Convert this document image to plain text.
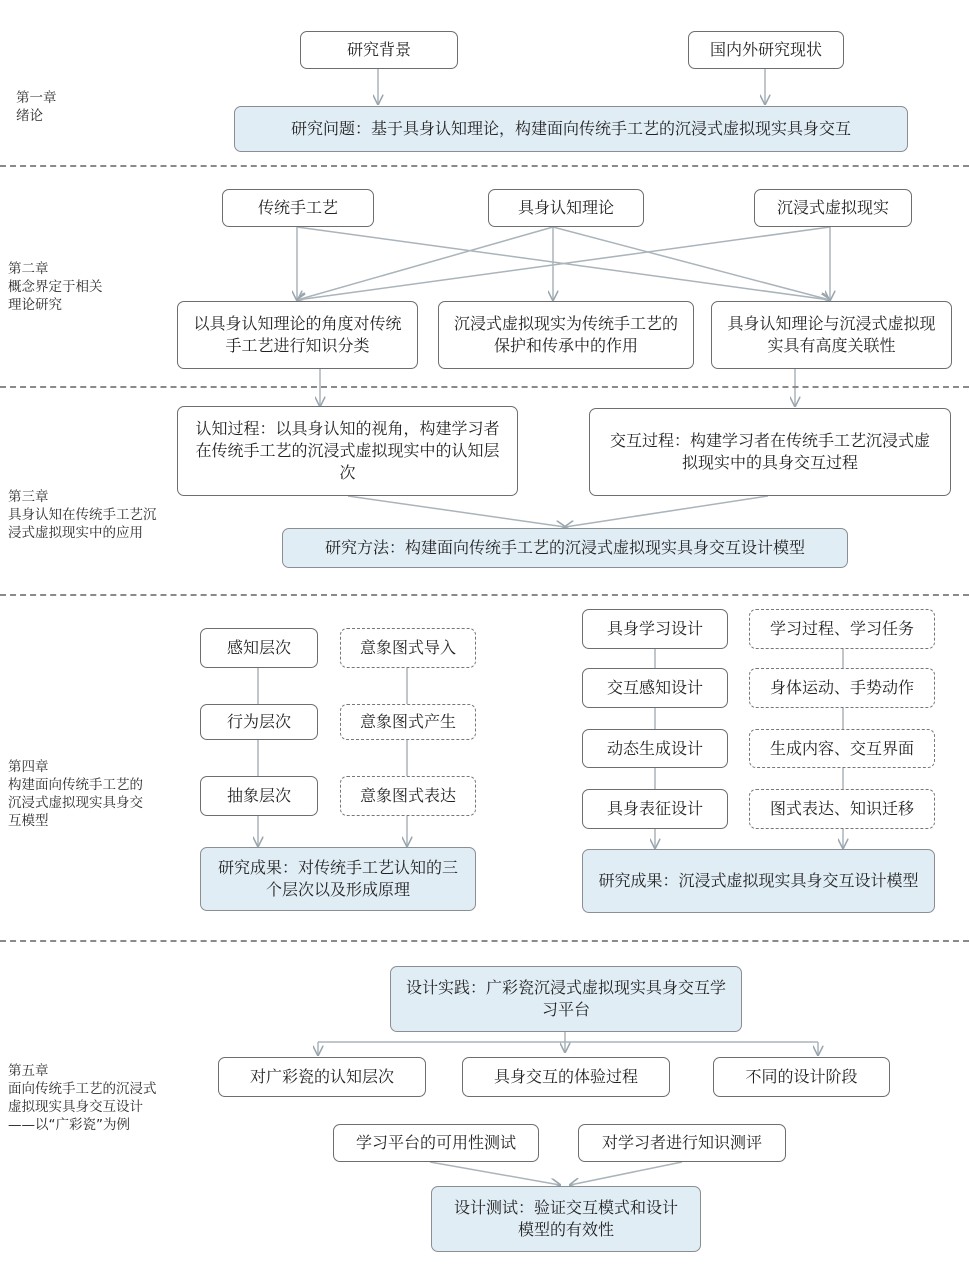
第一章
绪论
第二章
概念界定于相关理论研究
第三章
具身认知在传统手工艺沉浸式虚拟现实中的应用
第四章
构建面向传统手工艺的沉浸式虚拟现实具身交互模型
第五章
面向传统手工艺的沉浸式虚拟现实具身交互设计——以“广彩瓷”为例
研究背景	国内外研究现状
研究问题：基于具身认知理论，构建面向传统手工艺的沉浸式虚拟现实具身交互
传统手工艺	具身认知理论	沉浸式虚拟现实
以具身认知理论的角度对传统手工艺进行知识分类
沉浸式虚拟现实为传统手工艺的保护和传承中的作用
具身认知理论与沉浸式虚拟现实具有高度关联性
认知过程：以具身认知的视角，构建学习者在传统手工艺的沉浸式虚拟现实中的认知层次
交互过程：构建学习者在传统手工艺沉浸式虚拟现实中的具身交互过程
研究方法：构建面向传统手工艺的沉浸式虚拟现实具身交互设计模型
感知层次
行为层次
抽象层次
意象图式导入
意象图式产生
意象图式表达
研究成果：对传统手工艺认知的三个层次以及形成原理
具身学习设计
交互感知设计
动态生成设计
具身表征设计
学习过程、学习任务
身体运动、手势动作
生成内容、交互界面
图式表达、知识迁移
研究成果：沉浸式虚拟现实具身交互设计模型
设计实践：广彩瓷沉浸式虚拟现实具身交互学习平台
对广彩瓷的认知层次	具身交互的体验过程	不同的设计阶段
学习平台的可用性测试	对学习者进行知识测评
设计测试：验证交互模式和设计模型的有效性
